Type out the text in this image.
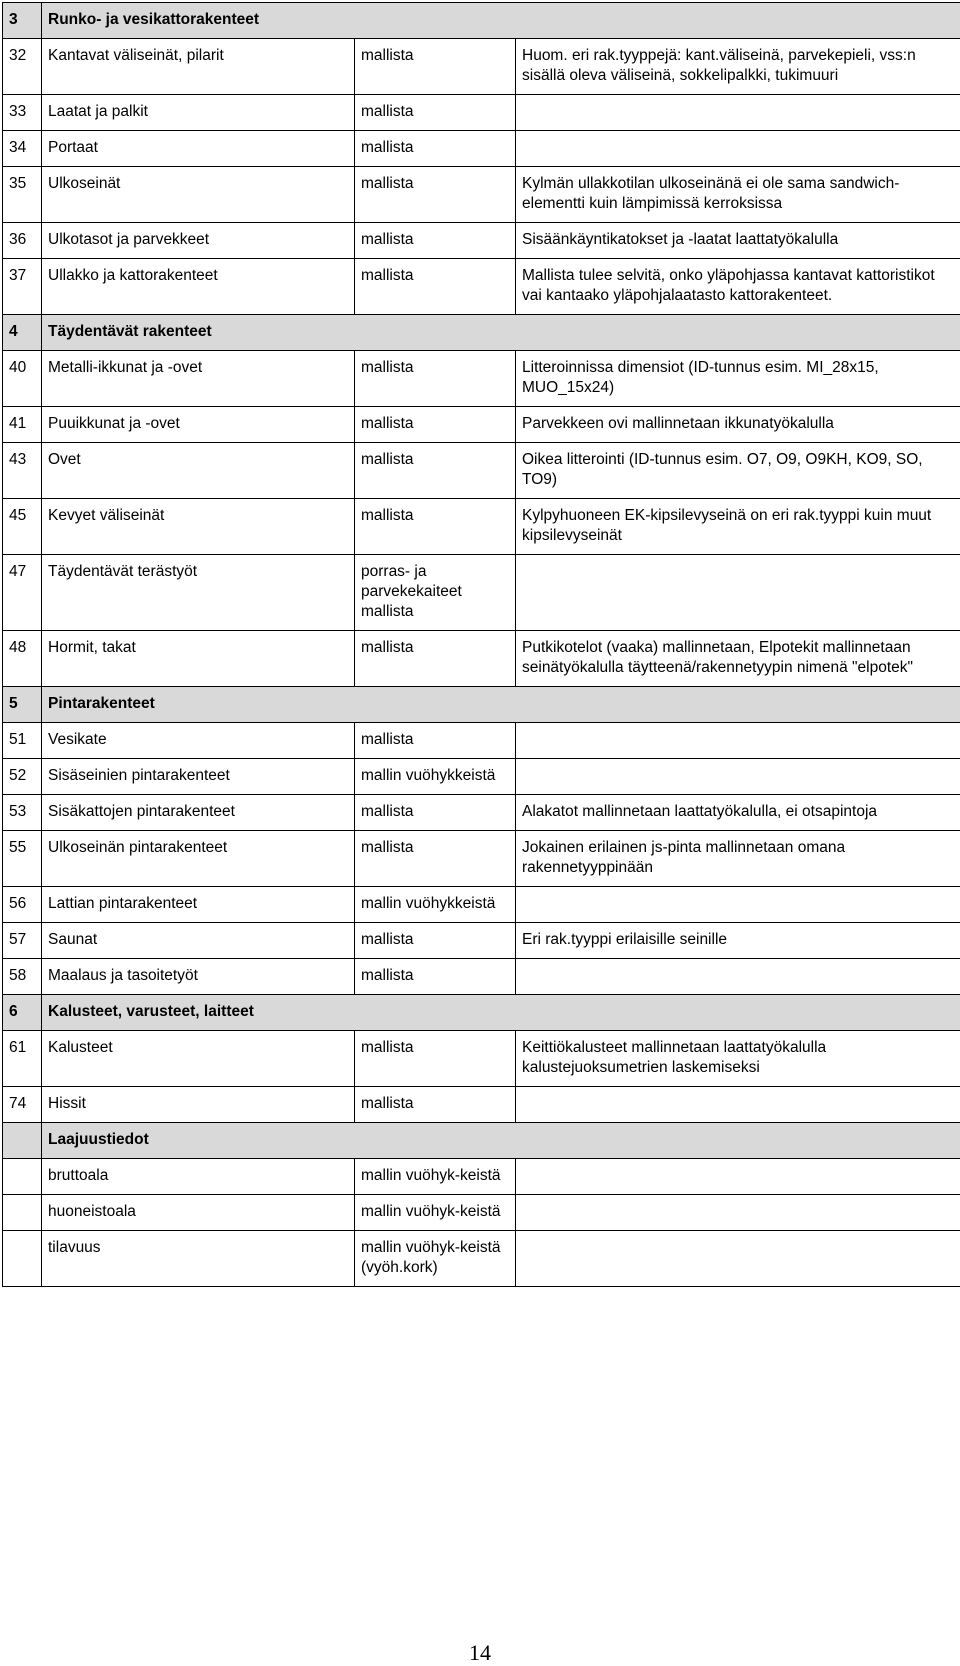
3	Runko- ja vesikattorakenteet		
32	Kantavat väliseinät, pilarit	mallista	Huom. eri rak.tyyppejä: kant.väliseinä, parvekepieli, vss:n sisällä oleva väliseinä, sokkelipalkki, tukimuuri
33	Laatat ja palkit	mallista	
34	Portaat	mallista	
35	Ulkoseinät	mallista	Kylmän ullakkotilan ulkoseinänä ei ole sama sandwich-elementti kuin lämpimissä kerroksissa
36	Ulkotasot ja parvekkeet	mallista	Sisäänkäyntikatokset ja -laatat laattatyökalulla
37	Ullakko ja kattorakenteet	mallista	Mallista tulee selvitä, onko yläpohjassa kantavat kattoristikot vai kantaako yläpohjalaatasto kattorakenteet.
4	Täydentävät rakenteet		
40	Metalli-ikkunat ja -ovet	mallista	Litteroinnissa dimensiot (ID-tunnus esim. MI_28x15, MUO_15x24)
41	Puuikkunat ja -ovet	mallista	Parvekkeen ovi mallinnetaan ikkunatyökalulla
43	Ovet	mallista	Oikea litterointi (ID-tunnus esim. O7, O9, O9KH, KO9, SO, TO9)
45	Kevyet väliseinät	mallista	Kylpyhuoneen EK-kipsilevyseinä on eri rak.tyyppi kuin muut kipsilevyseinät
47	Täydentävät terästyöt	porras- ja parvekekaiteet mallista	
48	Hormit, takat	mallista	Putkikotelot (vaaka) mallinnetaan, Elpotekit mallinnetaan seinätyökalulla täytteenä/rakennetyypin nimenä "elpotek"
5	Pintarakenteet		
51	Vesikate	mallista	
52	Sisäseinien pintarakenteet	mallin vuöhykkeistä	
53	Sisäkattojen pintarakenteet	mallista	Alakatot mallinnetaan laattatyökalulla, ei otsapintoja
55	Ulkoseinän pintarakenteet	mallista	Jokainen erilainen js-pinta mallinnetaan omana rakennetyyppinään
56	Lattian pintarakenteet	mallin vuöhykkeistä	
57	Saunat	mallista	Eri rak.tyyppi erilaisille seinille
58	Maalaus ja tasoitetyöt	mallista	
6	Kalusteet, varusteet, laitteet		
61	Kalusteet	mallista	Keittiökalusteet mallinnetaan laattatyökalulla kalustejuoksumetrien laskemiseksi
74	Hissit	mallista	
	Laajuustiedot		
	bruttoala	mallin vuöhyk-keistä	
	huoneistoala	mallin vuöhyk-keistä	
	tilavuus	mallin vuöhyk-keistä (vyöh.kork)	
14
